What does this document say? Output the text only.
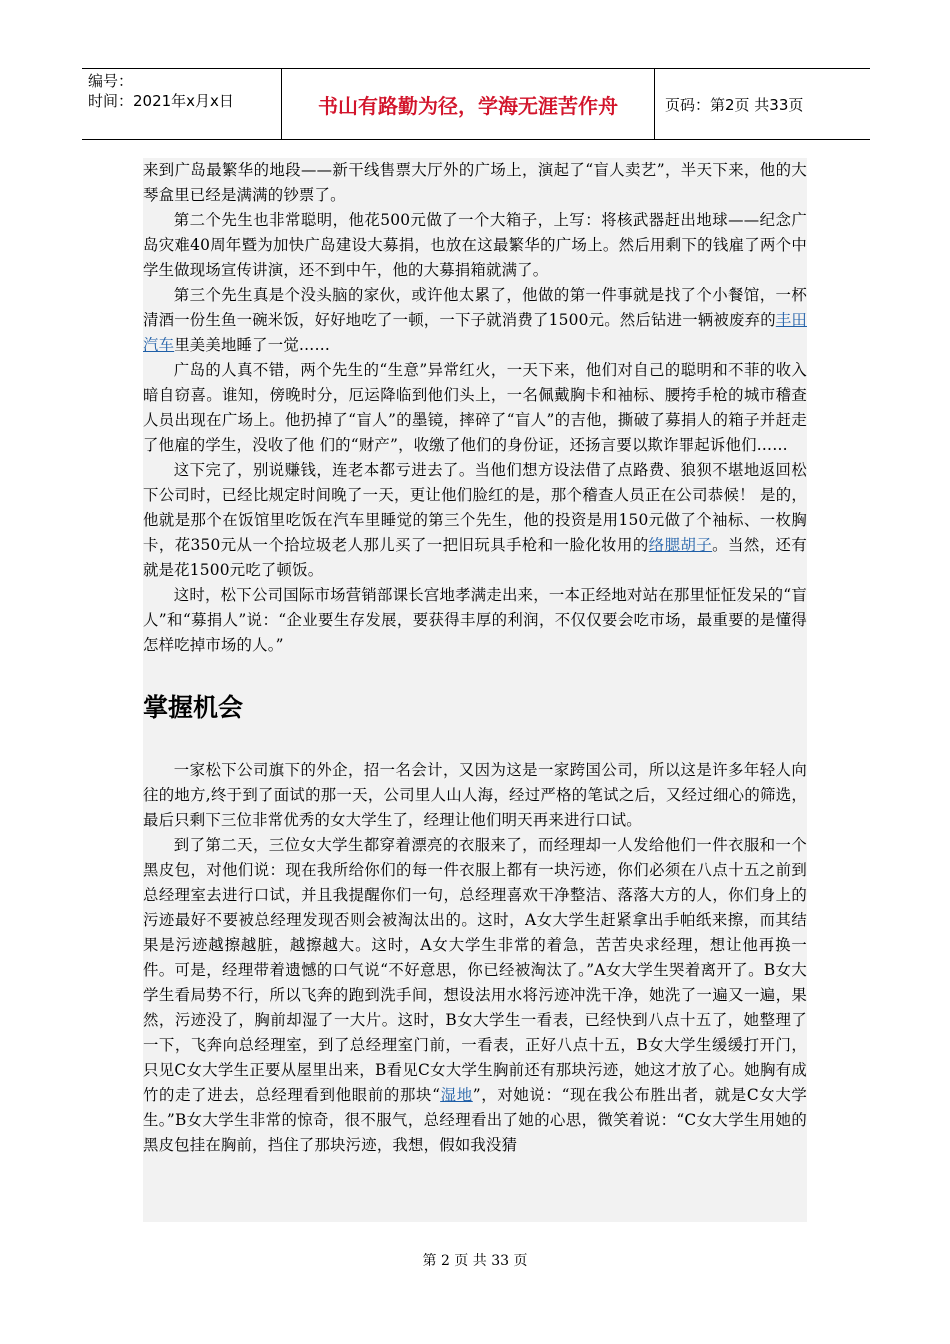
编号：
时间：2021年x月x日	书山有路勤为径，学海无涯苦作舟	页码：第2页 共33页

来到广岛最繁华的地段——新干线售票大厅外的广场上，演起了“盲人卖艺”，半天下来，他的大琴盒里已经是满满的钞票了。

第二个先生也非常聪明，他花500元做了一个大箱子，上写：将核武器赶出地球——纪念广岛灾难40周年暨为加快广岛建设大募捐，也放在这最繁华的广场上。然后用剩下的钱雇了两个中学生做现场宣传讲演，还不到中午，他的大募捐箱就满了。

第三个先生真是个没头脑的家伙，或许他太累了，他做的第一件事就是找了个小餐馆，一杯清酒一份生鱼一碗米饭，好好地吃了一顿，一下子就消费了1500元。然后钻进一辆被废弃的丰田汽车里美美地睡了一觉……

广岛的人真不错，两个先生的“生意”异常红火，一天下来，他们对自己的聪明和不菲的收入暗自窃喜。谁知，傍晚时分，厄运降临到他们头上，一名佩戴胸卡和袖标、腰挎手枪的城市稽查人员出现在广场上。他扔掉了“盲人”的墨镜，摔碎了“盲人”的吉他，撕破了募捐人的箱子并赶走了他雇的学生，没收了他 们的“财产”，收缴了他们的身份证，还扬言要以欺诈罪起诉他们……

这下完了，别说赚钱，连老本都亏进去了。当他们想方设法借了点路费、狼狈不堪地返回松下公司时，已经比规定时间晚了一天，更让他们脸红的是，那个稽查人员正在公司恭候！ 是的，他就是那个在饭馆里吃饭在汽车里睡觉的第三个先生，他的投资是用150元做了个袖标、一枚胸卡，花350元从一个拾垃圾老人那儿买了一把旧玩具手枪和一脸化妆用的络腮胡子。当然，还有就是花1500元吃了顿饭。

这时，松下公司国际市场营销部课长宫地孝满走出来，一本正经地对站在那里怔怔发呆的“盲人”和“募捐人”说：“企业要生存发展，要获得丰厚的利润，不仅仅要会吃市场，最重要的是懂得怎样吃掉市场的人。”

掌握机会

一家松下公司旗下的外企，招一名会计，又因为这是一家跨国公司，所以这是许多年轻人向往的地方,终于到了面试的那一天，公司里人山人海，经过严格的笔试之后，又经过细心的筛选，最后只剩下三位非常优秀的女大学生了，经理让他们明天再来进行口试。

到了第二天，三位女大学生都穿着漂亮的衣服来了，而经理却一人发给他们一件衣服和一个黑皮包，对他们说：现在我所给你们的每一件衣服上都有一块污迹，你们必须在八点十五之前到总经理室去进行口试，并且我提醒你们一句，总经理喜欢干净整洁、落落大方的人，你们身上的污迹最好不要被总经理发现否则会被淘汰出的。这时，A女大学生赶紧拿出手帕纸来擦，而其结果是污迹越擦越脏，越擦越大。这时，A女大学生非常的着急，苦苦央求经理，想让他再换一件。可是，经理带着遗憾的口气说“不好意思，你已经被淘汰了。”A女大学生哭着离开了。B女大学生看局势不行，所以飞奔的跑到洗手间，想设法用水将污迹冲洗干净，她洗了一遍又一遍，果然，污迹没了，胸前却湿了一大片。这时，B女大学生一看表，已经快到八点十五了，她整理了一下，飞奔向总经理室，到了总经理室门前，一看表，正好八点十五，B女大学生缓缓打开门，只见C女大学生正要从屋里出来，B看见C女大学生胸前还有那块污迹，她这才放了心。她胸有成竹的走了进去，总经理看到他眼前的那块“湿地”，对她说：“现在我公布胜出者，就是C女大学生。”B女大学生非常的惊奇，很不服气，总经理看出了她的心思，微笑着说：“C女大学生用她的黑皮包挂在胸前，挡住了那块污迹，我想，假如我没猜

第 2 页 共 33 页
